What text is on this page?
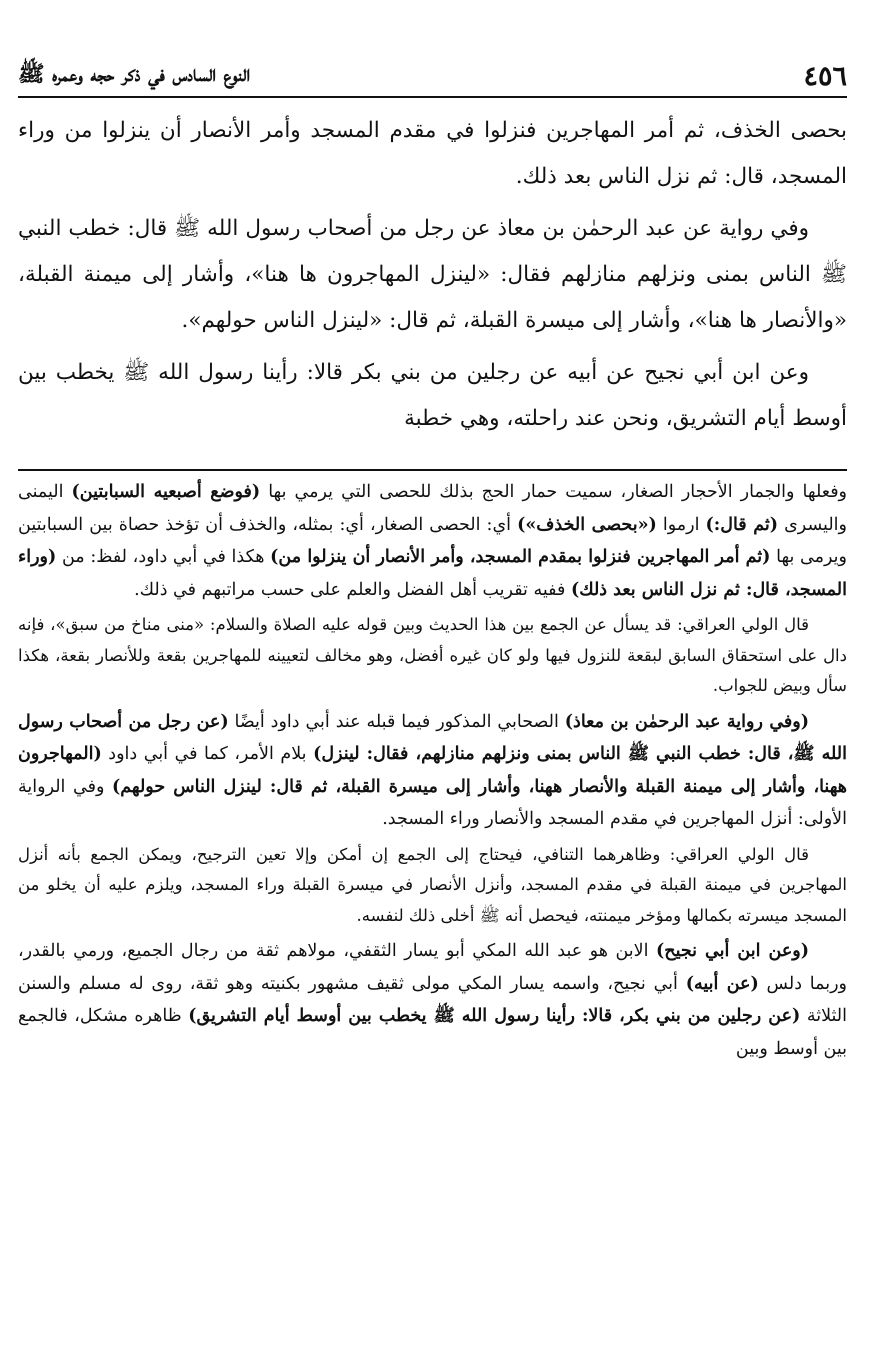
٤٥٦
النوع السادس في ذكر حجه وعمره ﷺ

بحصى الخذف، ثم أمر المهاجرين فنزلوا في مقدم المسجد وأمر الأنصار أن ينزلوا من وراء المسجد، قال: ثم نزل الناس بعد ذلك.

وفي رواية عن عبد الرحمٰن بن معاذ عن رجل من أصحاب رسول الله ﷺ قال: خطب النبي ﷺ الناس بمنى ونزلهم منازلهم فقال: «لينزل المهاجرون ها هنا»، وأشار إلى ميمنة القبلة، «والأنصار ها هنا»، وأشار إلى ميسرة القبلة، ثم قال: «لينزل الناس حولهم».

وعن ابن أبي نجيح عن أبيه عن رجلين من بني بكر قالا: رأينا رسول الله ﷺ يخطب بين أوسط أيام التشريق، ونحن عند راحلته، وهي خطبة

وفعلها والجمار الأحجار الصغار، سميت حمار الحج بذلك للحصى التي يرمي بها (فوضع أصبعيه السبابتين) اليمنى واليسرى (ثم قال:) ارموا («بحصى الخذف») أي: الحصى الصغار، أي: بمثله، والخذف أن تؤخذ حصاة بين السبابتين ويرمى بها (ثم أمر المهاجرين فنزلوا بمقدم المسجد، وأمر الأنصار أن ينزلوا من) هكذا في أبي داود، لفظ: من (وراء المسجد، قال: ثم نزل الناس بعد ذلك) ففيه تقريب أهل الفضل والعلم على حسب مراتبهم في ذلك.

قال الولي العراقي: قد يسأل عن الجمع بين هذا الحديث وبين قوله عليه الصلاة والسلام: «منى مناخ من سبق»، فإنه دال على استحقاق السابق لبقعة للنزول فيها ولو كان غيره أفضل، وهو مخالف لتعيينه للمهاجرين بقعة وللأنصار بقعة، هكذا سأل وبيض للجواب.

(وفي رواية عبد الرحمٰن بن معاذ) الصحابي المذكور فيما قبله عند أبي داود أيضًا (عن رجل من أصحاب رسول الله ﷺ، قال: خطب النبي ﷺ الناس بمنى ونزلهم منازلهم، فقال: لينزل) بلام الأمر، كما في أبي داود (المهاجرون ههنا، وأشار إلى ميمنة القبلة والأنصار ههنا، وأشار إلى ميسرة القبلة، ثم قال: لينزل الناس حولهم) وفي الرواية الأولى: أنزل المهاجرين في مقدم المسجد والأنصار وراء المسجد.

قال الولي العراقي: وظاهرهما التنافي، فيحتاج إلى الجمع إن أمكن وإلا تعين الترجيح، ويمكن الجمع بأنه أنزل المهاجرين في ميمنة القبلة في مقدم المسجد، وأنزل الأنصار في ميسرة القبلة وراء المسجد، ويلزم عليه أن يخلو من المسجد ميسرته بكمالها ومؤخر ميمنته، فيحصل أنه ﷺ أخلى ذلك لنفسه.

(وعن ابن أبي نجيح) الابن هو عبد الله المكي أبو يسار الثقفي، مولاهم ثقة من رجال الجميع، ورمي بالقدر، وربما دلس (عن أبيه) أبي نجيح، واسمه يسار المكي مولى ثقيف مشهور بكنيته وهو ثقة، روى له مسلم والسنن الثلاثة (عن رجلين من بني بكر، قالا: رأينا رسول الله ﷺ يخطب بين أوسط أيام التشريق) ظاهره مشكل، فالجمع بين أوسط وبين
